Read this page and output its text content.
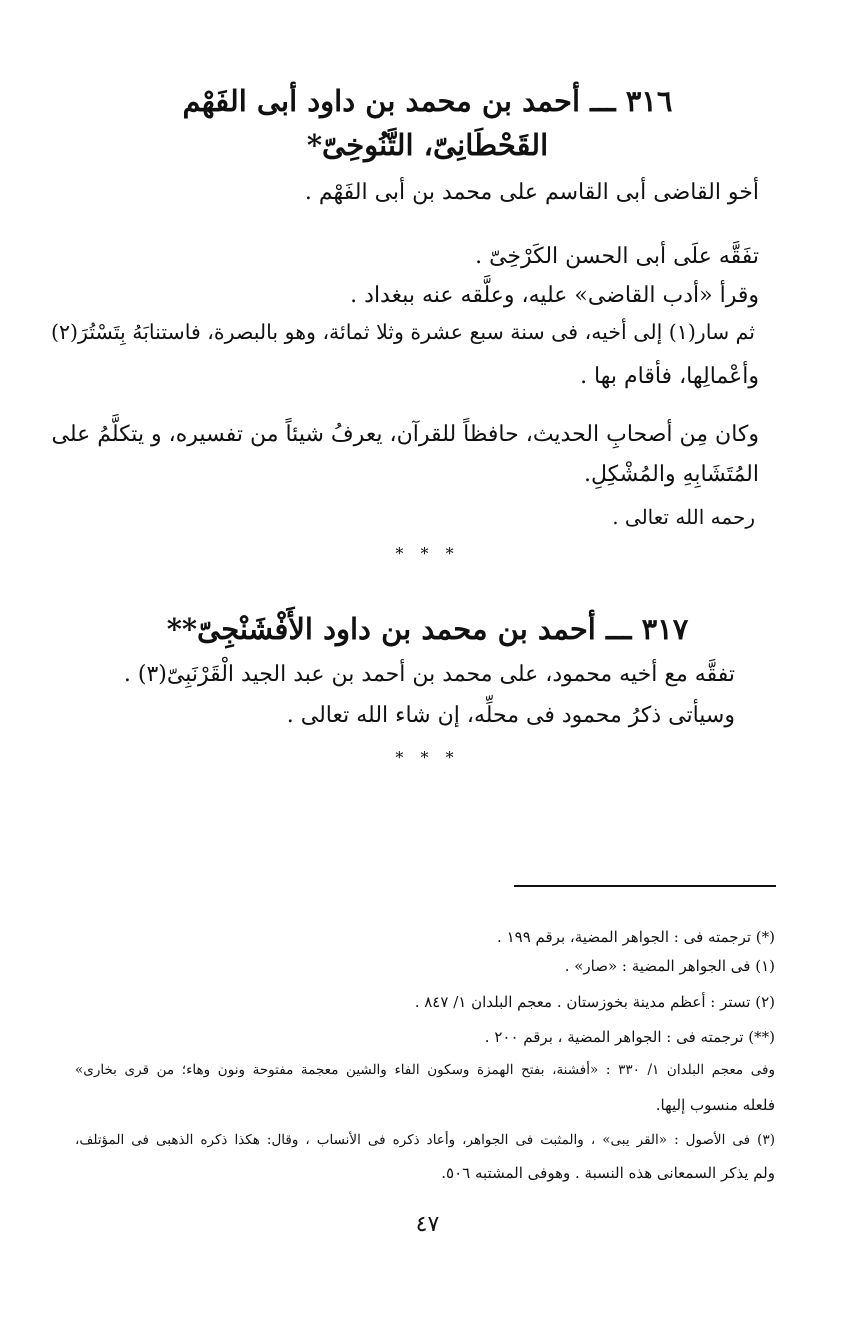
٣١٦ ـــ أحمد بن محمد بن داود أبى الفَهْم
القَحْطَانِىّ، التَّنُوخِىّ‏*
أخو القاضى أبى القاسم على محمد بن أبى الفَهْم .
تفَقَّه علَى أبى الحسن الكَرْخِىّ .
وقرأ «أدب القاضى» عليه، وعلَّقه عنه ببغداد .
ثم سار(١) إلى أخيه، فى سنة سبع عشرة وثلا ثمائة، وهو بالبصرة، فاستنابَهُ بِتَسْتُرَ(٢)
وأعْمالِها، فأقام بها .
وكان مِن أصحابِ الحديث، حافظاً للقرآن، يعرفُ شيئاً من تفسيره، و يتكلَّمُ على
المُتَشَابِهِ والمُشْكِلِ.
رحمه الله تعالى .
* * *
٣١٧ ـــ أحمد بن محمد بن داود الأَفْشَنْجِىّ**
تفقَّه مع أخيه محمود، على محمد بن أحمد بن عبد الجيد الْقَرْنَبِىّ(٣) .
وسيأتى ذكرُ محمود فى محلِّه، إن شاء الله تعالى .
* * *
(*) ترجمته فى : الجواهر المضية، برقم ١٩٩ .
(١) فى الجواهر المضية : «صار» .
(٢) تستر : أعظم مدينة بخوزستان . معجم البلدان ١/ ٨٤٧ .
(**) ترجمته فى : الجواهر المضية ، برقم ٢٠٠ .
وفى معجم البلدان ١/ ٣٣٠ : «أفشنة، بفتح الهمزة وسكون الفاء والشين معجمة مفتوحة ونون وهاء؛ من قرى بخارى»
فلعله منسوب إليها.
(٣) فى الأصول : «القر يبى» ، والمثبت فى الجواهر، وأعاد ذكره فى الأنساب ، وقال: هكذا ذكره الذهبى فى المؤتلف،
ولم يذكر السمعانى هذه النسبة . وهوفى المشتبه ٥٠٦.
٤٧
